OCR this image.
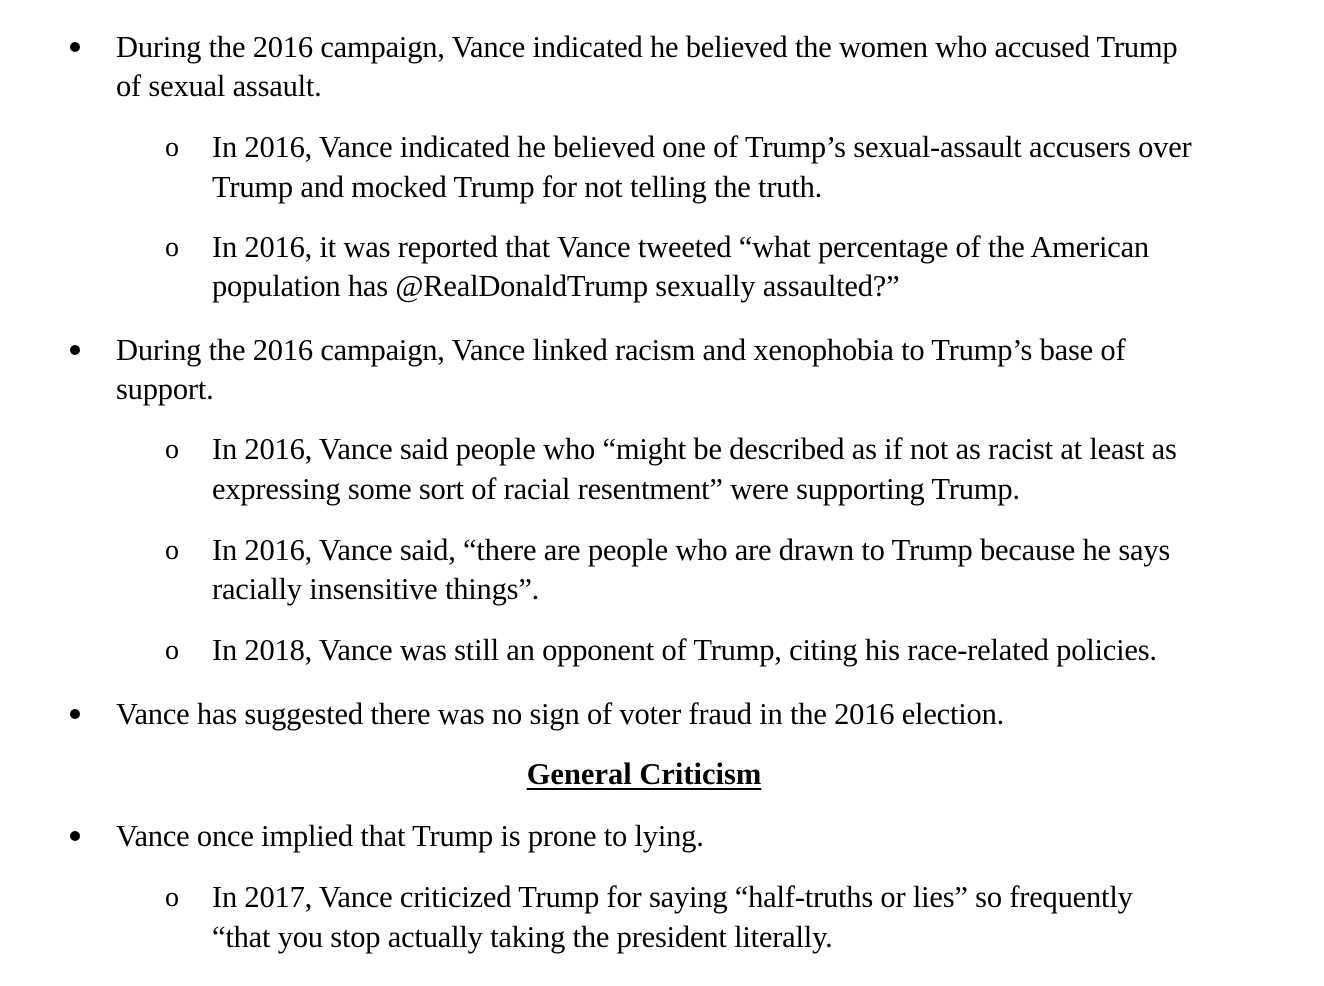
During the 2016 campaign, Vance indicated he believed the women who accused Trump
of sexual assault.
o In 2016, Vance indicated he believed one of Trump’s sexual-assault accusers over
Trump and mocked Trump for not telling the truth.
o In 2016, it was reported that Vance tweeted “what percentage of the American
population has @RealDonaldTrump sexually assaulted?”
During the 2016 campaign, Vance linked racism and xenophobia to Trump’s base of
support.
o In 2016, Vance said people who “might be described as if not as racist at least as
expressing some sort of racial resentment” were supporting Trump.
o In 2016, Vance said, “there are people who are drawn to Trump because he says
racially insensitive things”.
o In 2018, Vance was still an opponent of Trump, citing his race-related policies.
Vance has suggested there was no sign of voter fraud in the 2016 election.
General Criticism
Vance once implied that Trump is prone to lying.
o In 2017, Vance criticized Trump for saying “half-truths or lies” so frequently
“that you stop actually taking the president literally.
